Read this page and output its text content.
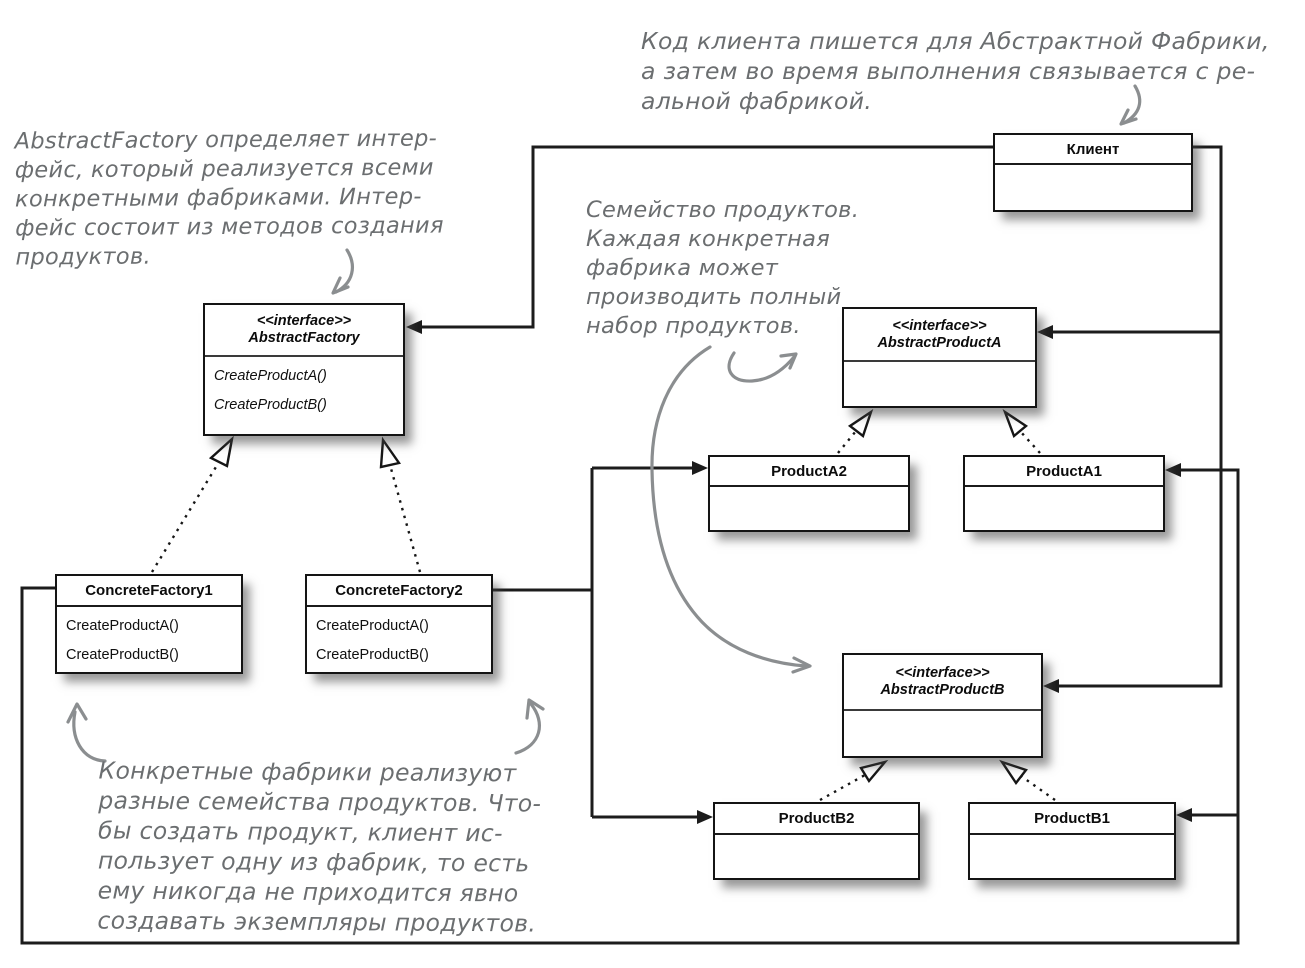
Клиент
<<interface>>
AbstractFactory
CreateProductA()
CreateProductB()
<<interface>>
AbstractProductA
ProductA2	ProductA1
ConcreteFactory1
CreateProductA()
CreateProductB()
ConcreteFactory2
CreateProductA()
CreateProductB()
<<interface>>
AbstractProductB
ProductB2	ProductB1
AbstractFactory определяет интер-
фейс, который реализуется всеми
конкретными фабриками. Интер-
фейс состоит из методов создания
продуктов.
Код клиента пишется для Абстрактной Фабрики,
а затем во время выполнения связывается с ре-
альной фабрикой.
Семейство продуктов.
Каждая конкретная
фабрика может
производить полный
набор продуктов.
Конкретные фабрики реализуют
разные семейства продуктов. Что-
бы создать продукт, клиент ис-
пользует одну из фабрик, то есть
ему никогда не приходится явно
создавать экземпляры продуктов.
